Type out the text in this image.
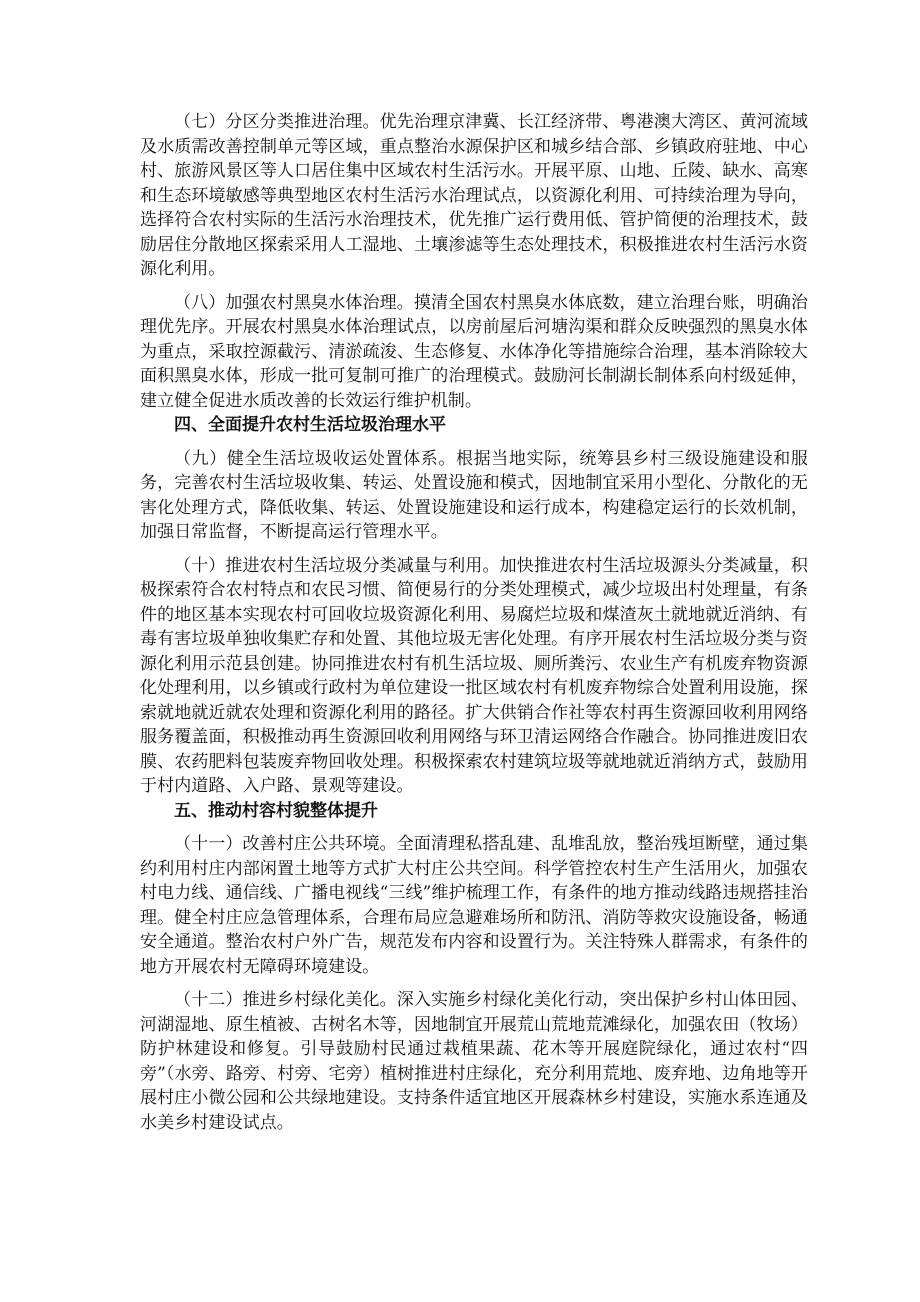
（七）分区分类推进治理。优先治理京津冀、长江经济带、粤港澳大湾区、黄河流域及水质需改善控制单元等区域，重点整治水源保护区和城乡结合部、乡镇政府驻地、中心村、旅游风景区等人口居住集中区域农村生活污水。开展平原、山地、丘陵、缺水、高寒和生态环境敏感等典型地区农村生活污水治理试点，以资源化利用、可持续治理为导向，选择符合农村实际的生活污水治理技术，优先推广运行费用低、管护简便的治理技术，鼓励居住分散地区探索采用人工湿地、土壤渗滤等生态处理技术，积极推进农村生活污水资源化利用。

（八）加强农村黑臭水体治理。摸清全国农村黑臭水体底数，建立治理台账，明确治理优先序。开展农村黑臭水体治理试点，以房前屋后河塘沟渠和群众反映强烈的黑臭水体为重点，采取控源截污、清淤疏浚、生态修复、水体净化等措施综合治理，基本消除较大面积黑臭水体，形成一批可复制可推广的治理模式。鼓励河长制湖长制体系向村级延伸，建立健全促进水质改善的长效运行维护机制。

四、全面提升农村生活垃圾治理水平

（九）健全生活垃圾收运处置体系。根据当地实际，统筹县乡村三级设施建设和服务，完善农村生活垃圾收集、转运、处置设施和模式，因地制宜采用小型化、分散化的无害化处理方式，降低收集、转运、处置设施建设和运行成本，构建稳定运行的长效机制，加强日常监督，不断提高运行管理水平。

（十）推进农村生活垃圾分类减量与利用。加快推进农村生活垃圾源头分类减量，积极探索符合农村特点和农民习惯、简便易行的分类处理模式，减少垃圾出村处理量，有条件的地区基本实现农村可回收垃圾资源化利用、易腐烂垃圾和煤渣灰土就地就近消纳、有毒有害垃圾单独收集贮存和处置、其他垃圾无害化处理。有序开展农村生活垃圾分类与资源化利用示范县创建。协同推进农村有机生活垃圾、厕所粪污、农业生产有机废弃物资源化处理利用，以乡镇或行政村为单位建设一批区域农村有机废弃物综合处置利用设施，探索就地就近就农处理和资源化利用的路径。扩大供销合作社等农村再生资源回收利用网络服务覆盖面，积极推动再生资源回收利用网络与环卫清运网络合作融合。协同推进废旧农膜、农药肥料包装废弃物回收处理。积极探索农村建筑垃圾等就地就近消纳方式，鼓励用于村内道路、入户路、景观等建设。

五、推动村容村貌整体提升

（十一）改善村庄公共环境。全面清理私搭乱建、乱堆乱放，整治残垣断壁，通过集约利用村庄内部闲置土地等方式扩大村庄公共空间。科学管控农村生产生活用火，加强农村电力线、通信线、广播电视线“三线”维护梳理工作，有条件的地方推动线路违规搭挂治理。健全村庄应急管理体系，合理布局应急避难场所和防汛、消防等救灾设施设备，畅通安全通道。整治农村户外广告，规范发布内容和设置行为。关注特殊人群需求，有条件的地方开展农村无障碍环境建设。

（十二）推进乡村绿化美化。深入实施乡村绿化美化行动，突出保护乡村山体田园、河湖湿地、原生植被、古树名木等，因地制宜开展荒山荒地荒滩绿化，加强农田（牧场）防护林建设和修复。引导鼓励村民通过栽植果蔬、花木等开展庭院绿化，通过农村“四旁”（水旁、路旁、村旁、宅旁）植树推进村庄绿化，充分利用荒地、废弃地、边角地等开展村庄小微公园和公共绿地建设。支持条件适宜地区开展森林乡村建设，实施水系连通及水美乡村建设试点。
